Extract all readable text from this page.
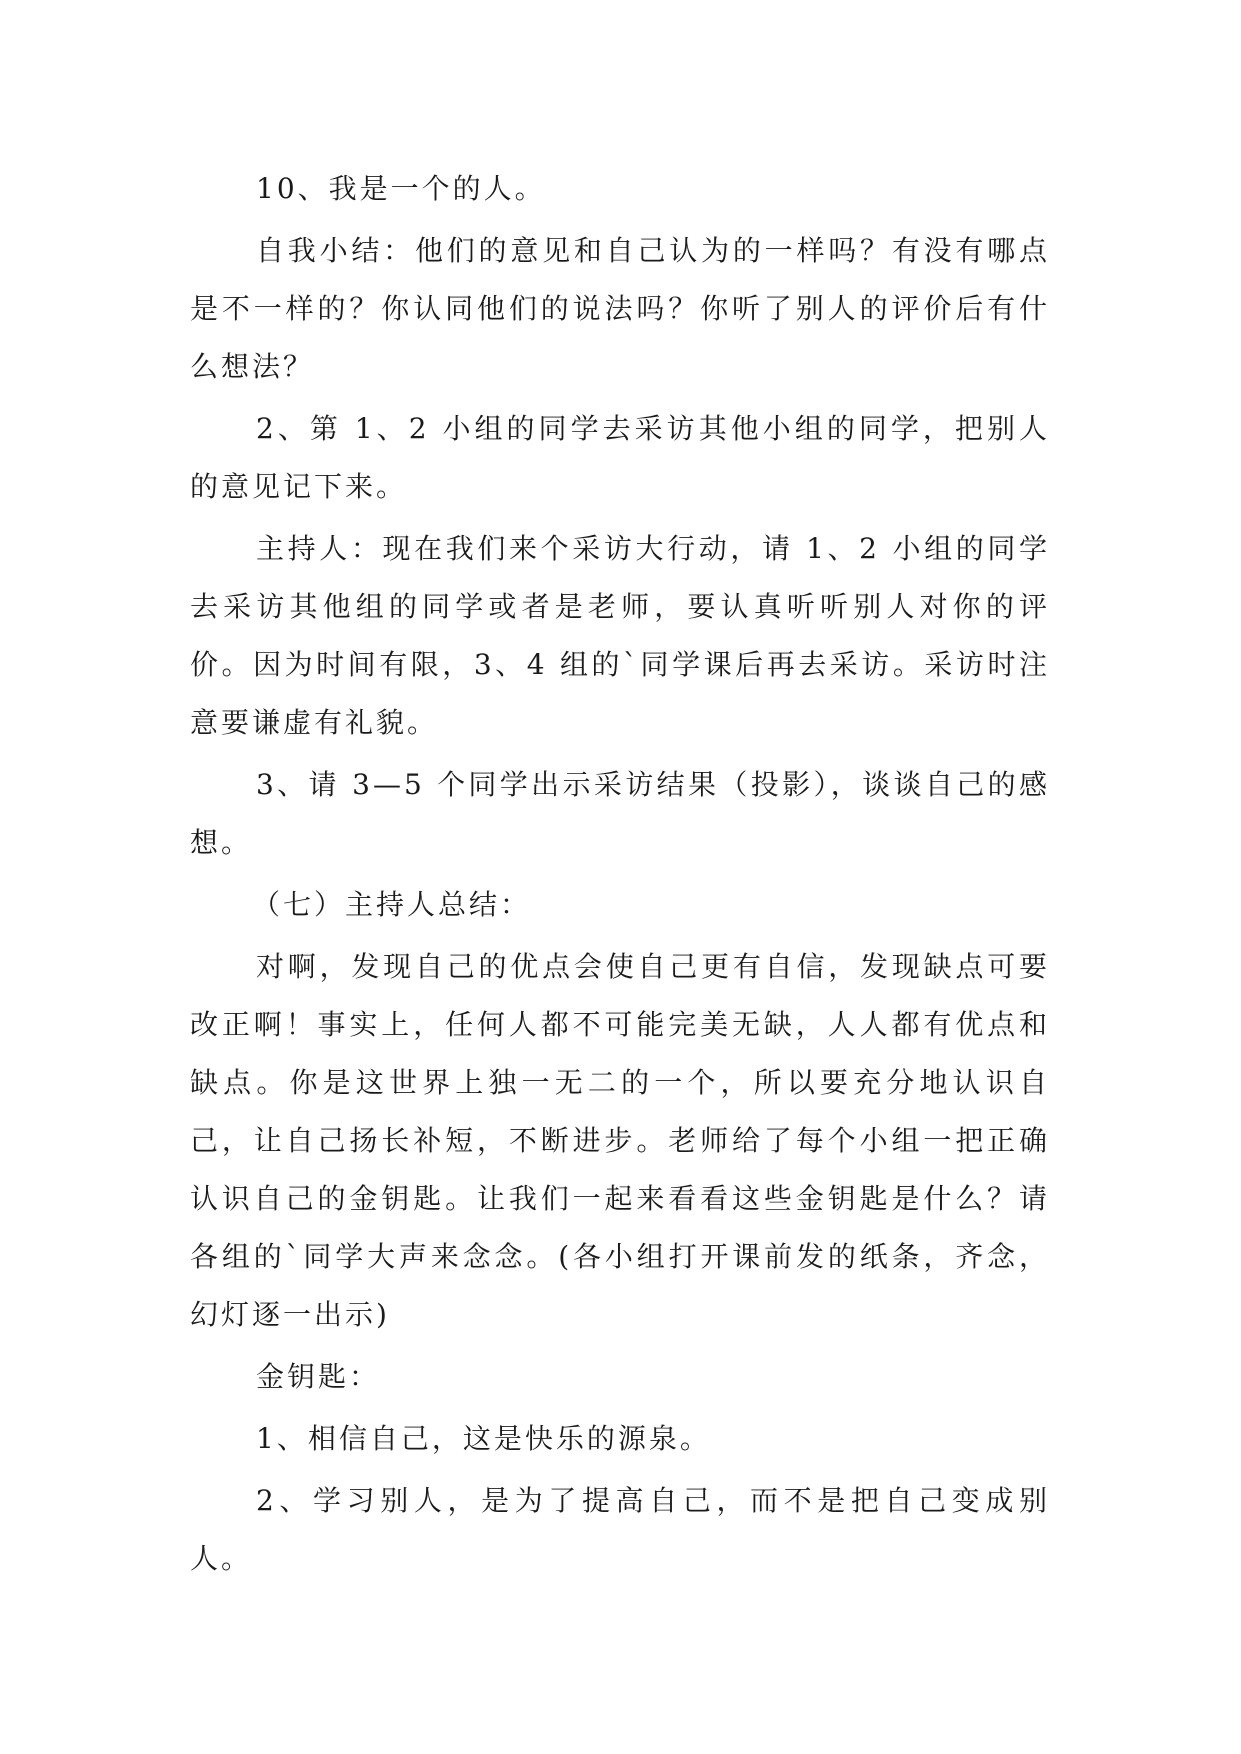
10、我是一个的人。

自我小结：他们的意见和自己认为的一样吗？有没有哪点是不一样的？你认同他们的说法吗？你听了别人的评价后有什么想法？

2、第 1、2 小组的同学去采访其他小组的同学，把别人的意见记下来。

主持人：现在我们来个采访大行动，请 1、2 小组的同学去采访其他组的同学或者是老师，要认真听听别人对你的评价。因为时间有限，3、4 组的`同学课后再去采访。采访时注意要谦虚有礼貌。

3、请 3—5 个同学出示采访结果（投影），谈谈自己的感想。

（七）主持人总结：

对啊，发现自己的优点会使自己更有自信，发现缺点可要改正啊！事实上，任何人都不可能完美无缺，人人都有优点和缺点。你是这世界上独一无二的一个，所以要充分地认识自己，让自己扬长补短，不断进步。老师给了每个小组一把正确认识自己的金钥匙。让我们一起来看看这些金钥匙是什么？请各组的`同学大声来念念。(各小组打开课前发的纸条，齐念，幻灯逐一出示)

金钥匙：

1、相信自己，这是快乐的源泉。

2、学习别人，是为了提高自己，而不是把自己变成别人。
